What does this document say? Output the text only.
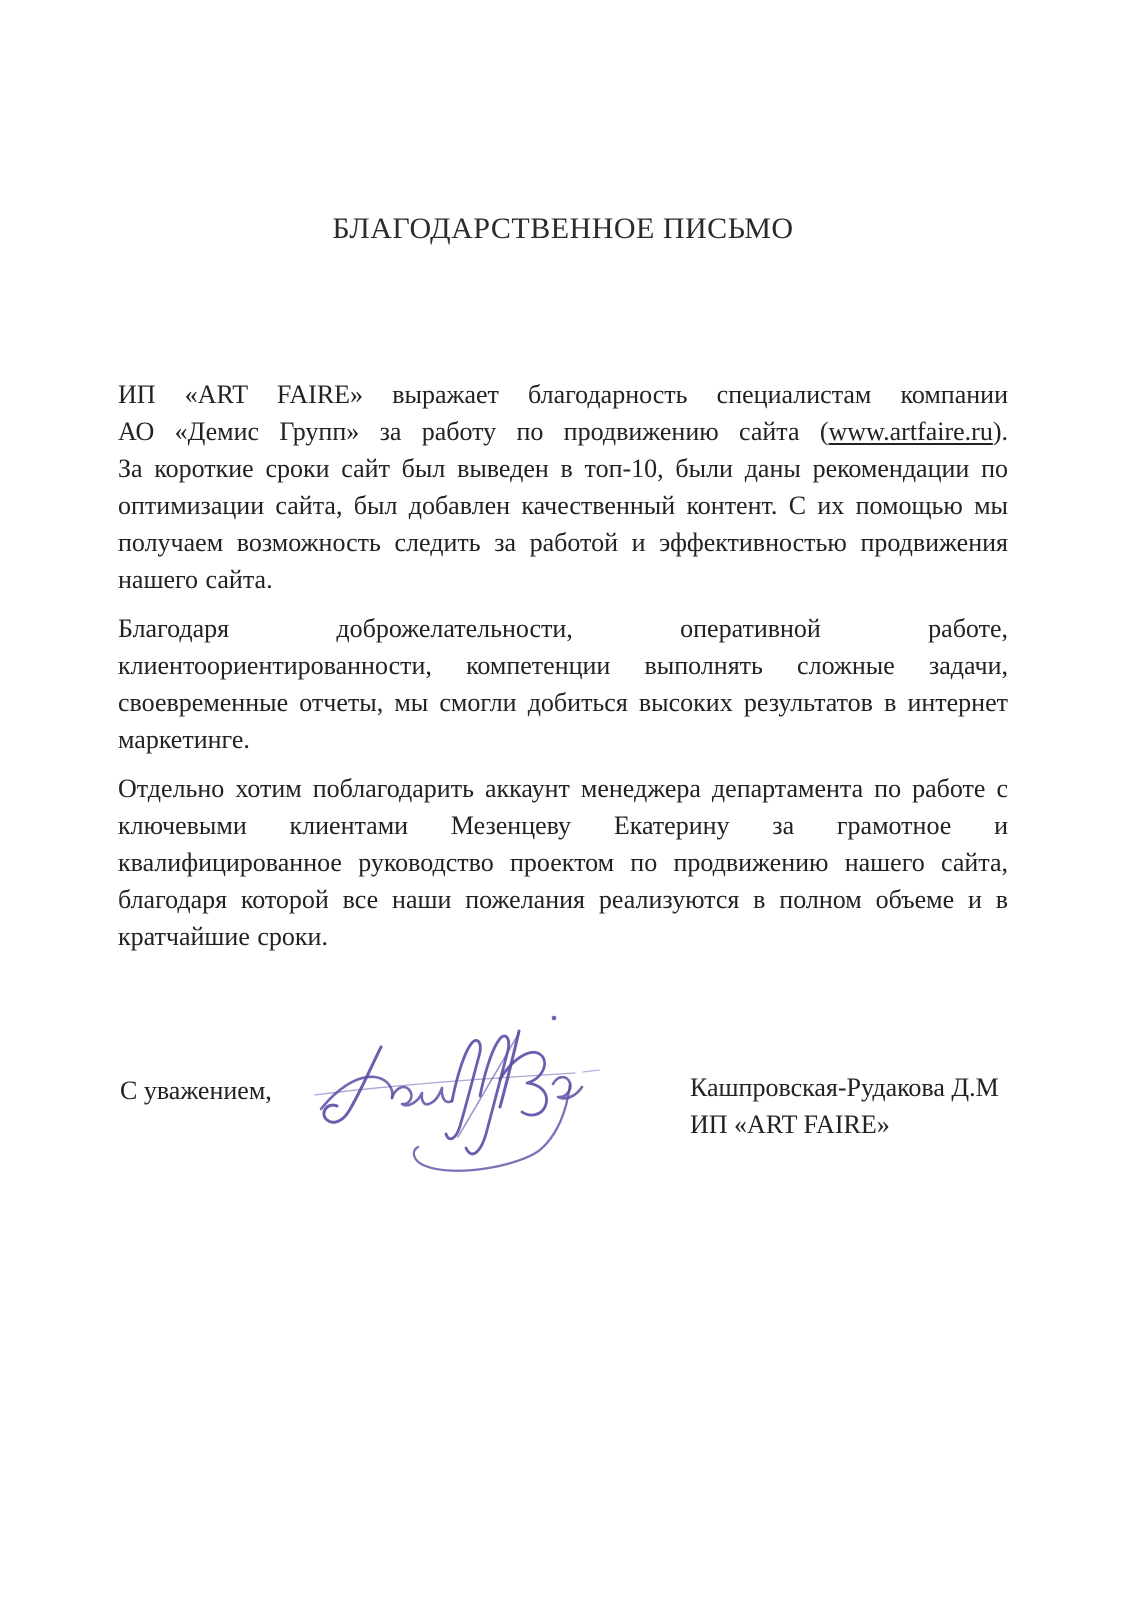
БЛАГОДАРСТВЕННОЕ ПИСЬМО
ИП «ART FAIRE» выражает благодарность специалистам компании
АО «Демис Групп» за работу по продвижению сайта (www.artfaire.ru).
За короткие сроки сайт был выведен в топ-10, были даны рекомендации по
оптимизации сайта, был добавлен качественный контент. С их помощью мы
получаем возможность следить за работой и эффективностью продвижения
нашего сайта.
Благодаря доброжелательности, оперативной работе,
клиентоориентированности, компетенции выполнять сложные задачи,
своевременные отчеты, мы смогли добиться высоких результатов в интернет
маркетинге.
Отдельно хотим поблагодарить аккаунт менеджера департамента по работе с
ключевыми клиентами Мезенцеву Екатерину за грамотное и
квалифицированное руководство проектом по продвижению нашего сайта,
благодаря которой все наши пожелания реализуются в полном объеме и в
кратчайшие сроки.
С уважением,	Кашпровская-Рудакова Д.М
ИП «ART FAIRE»
